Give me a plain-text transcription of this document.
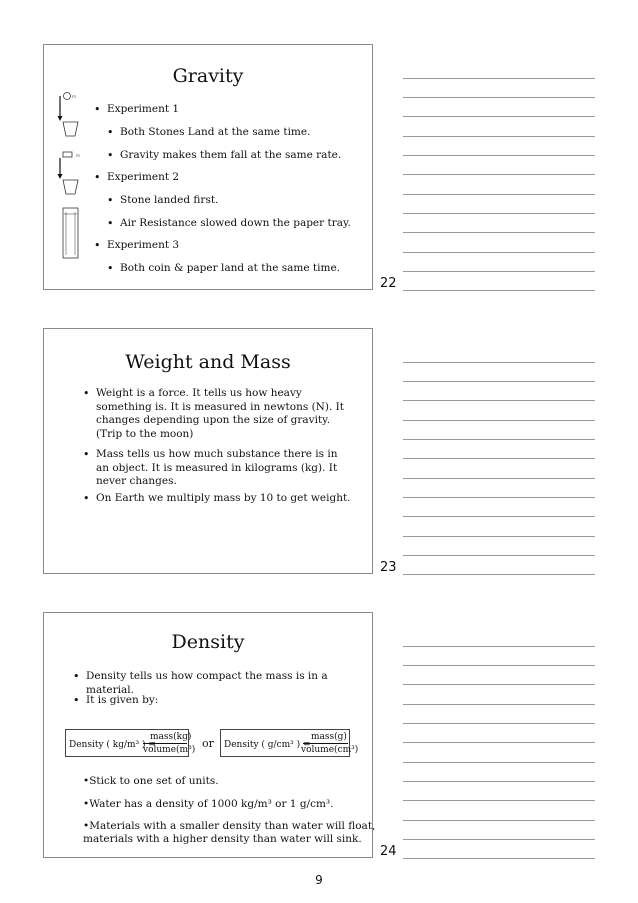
Gravity
• Experiment 1
• Both Stones Land at the same time.
• Gravity makes them fall at the same rate.
• Experiment 2
• Stone landed first.
• Air Resistance slowed down the paper tray.
• Experiment 3
• Both coin & paper land at the same time.
m
m
22
Weight and Mass
• Weight is a force. It tells us how heavy something is. It is measured in newtons (N). It changes depending upon the size of gravity. (Trip to the moon)
• Mass tells us how much substance there is in an object. It is measured in kilograms (kg). It never changes.
• On Earth we multiply mass by 10 to get weight.
23
Density
• Density tells us how compact the mass is in a material.
• It is given by:
Density ( kg/m³ ) =
mass(kg)
volume(m³) or Density ( g/cm³ ) =
mass(g)
volume(cm³)
•Stick to one set of units.
•Water has a density of 1000 kg/m³ or 1 g/cm³.
•Materials with a smaller density than water will float,
materials with a higher density than water will sink.
24
9
